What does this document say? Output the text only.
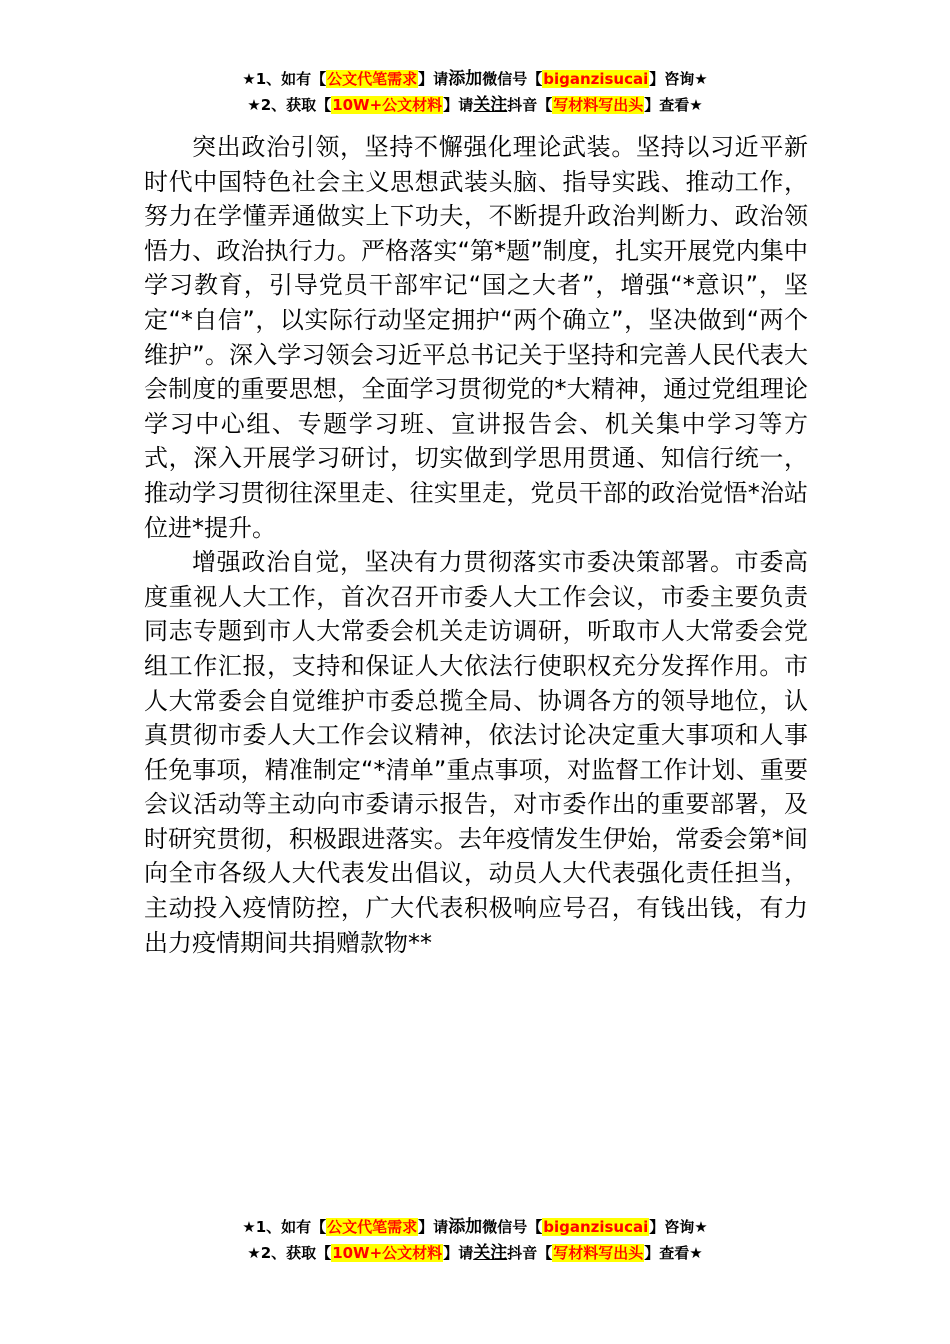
★1、如有【公文代笔需求】请添加微信号【biganzisucai】咨询★
★2、获取【10W+公文材料】请关注抖音【写材料写出头】查看★

突出政治引领，坚持不懈强化理论武装。坚持以习近平新时代中国特色社会主义思想武装头脑、指导实践、推动工作，努力在学懂弄通做实上下功夫，不断提升政治判断力、政治领悟力、政治执行力。严格落实“第*题”制度，扎实开展党内集中学习教育，引导党员干部牢记“国之大者”，增强“*意识”，坚定“*自信”，以实际行动坚定拥护“两个确立”，坚决做到“两个维护”。深入学习领会习近平总书记关于坚持和完善人民代表大会制度的重要思想，全面学习贯彻党的*大精神，通过党组理论学习中心组、专题学习班、宣讲报告会、机关集中学习等方式，深入开展学习研讨，切实做到学思用贯通、知信行统一，推动学习贯彻往深里走、往实里走，党员干部的政治觉悟*治站位进*提升。

增强政治自觉，坚决有力贯彻落实市委决策部署。市委高度重视人大工作，首次召开市委人大工作会议，市委主要负责同志专题到市人大常委会机关走访调研，听取市人大常委会党组工作汇报，支持和保证人大依法行使职权充分发挥作用。市人大常委会自觉维护市委总揽全局、协调各方的领导地位，认真贯彻市委人大工作会议精神，依法讨论决定重大事项和人事任免事项，精准制定“*清单”重点事项，对监督工作计划、重要会议活动等主动向市委请示报告，对市委作出的重要部署，及时研究贯彻，积极跟进落实。去年疫情发生伊始，常委会第*间向全市各级人大代表发出倡议，动员人大代表强化责任担当，主动投入疫情防控，广大代表积极响应号召，有钱出钱，有力出力疫情期间共捐赠款物**

★1、如有【公文代笔需求】请添加微信号【biganzisucai】咨询★
★2、获取【10W+公文材料】请关注抖音【写材料写出头】查看★
